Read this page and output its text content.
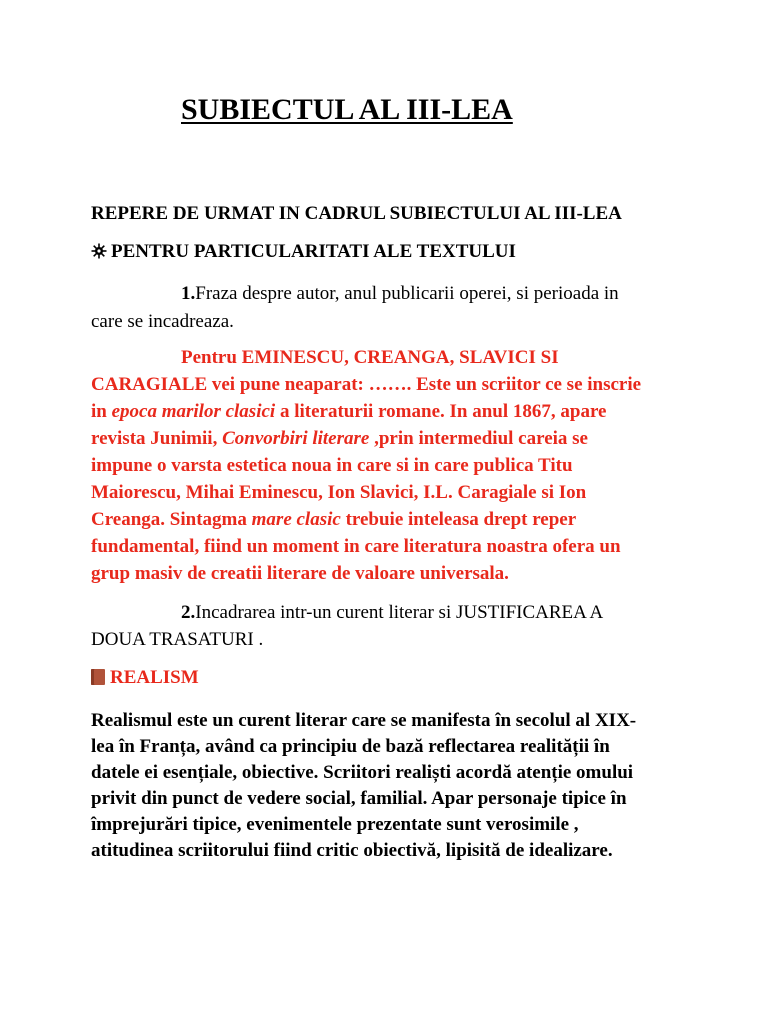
SUBIECTUL AL III-LEA
REPERE DE URMAT IN CADRUL SUBIECTULUI AL III-LEA
PENTRU PARTICULARITATI ALE TEXTULUI
1.Fraza despre autor, anul publicarii operei, si perioada in
care se incadreaza.
Pentru EMINESCU, CREANGA, SLAVICI SI
CARAGIALE vei pune neaparat: ……. Este un scriitor ce se inscrie
in epoca marilor clasici a literaturii romane. In anul 1867, apare
revista Junimii, Convorbiri literare ,prin intermediul careia se
impune o varsta estetica noua in care si in care publica Titu
Maiorescu, Mihai Eminescu, Ion Slavici, I.L. Caragiale si Ion
Creanga. Sintagma mare clasic trebuie inteleasa drept reper
fundamental, fiind un moment in care literatura noastra ofera un
grup masiv de creatii literare de valoare universala.
2.Incadrarea intr-un curent literar si JUSTIFICAREA A
DOUA TRASATURI .
REALISM
Realismul este un curent literar care se manifesta în secolul al XIX-
lea în Franța, având ca principiu de bază reflectarea realității în
datele ei esențiale, obiective. Scriitori realiști acordă atenție omului
privit din punct de vedere social, familial. Apar personaje tipice în
împrejurări tipice, evenimentele prezentate sunt verosimile ,
atitudinea scriitorului fiind critic obiectivă, lipisită de idealizare.
